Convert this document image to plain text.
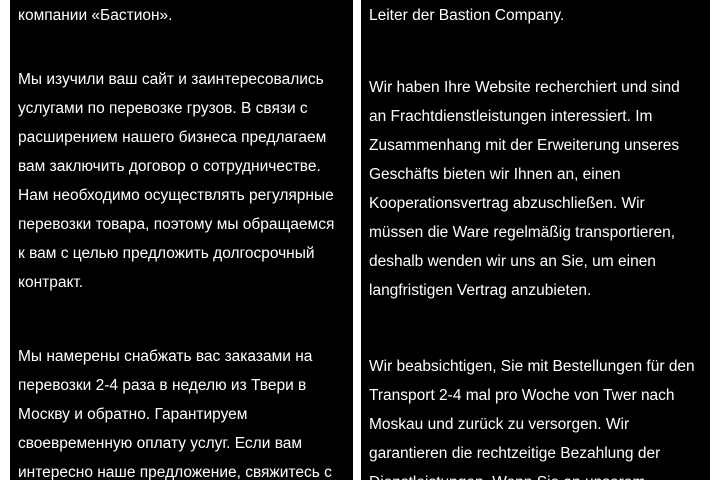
компании «Бастион».

Мы изучили ваш сайт и заинтересовались
услугами по перевозке грузов. В связи с
расширением нашего бизнеса предлагаем
вам заключить договор о сотрудничестве.
Нам необходимо осуществлять регулярные
перевозки товара, поэтому мы обращаемся
к вам с целью предложить долгосрочный
контракт.

Мы намерены снабжать вас заказами на
перевозки 2-4 раза в неделю из Твери в
Москву и обратно. Гарантируем
своевременную оплату услуг. Если вам
интересно наше предложение, свяжитесь с

Leiter der Bastion Company.

Wir haben Ihre Website recherchiert und sind
an Frachtdienstleistungen interessiert. Im
Zusammenhang mit der Erweiterung unseres
Geschäfts bieten wir Ihnen an, einen
Kooperationsvertrag abzuschließen. Wir
müssen die Ware regelmäßig transportieren,
deshalb wenden wir uns an Sie, um einen
langfristigen Vertrag anzubieten.

Wir beabsichtigen, Sie mit Bestellungen für den
Transport 2-4 mal pro Woche von Twer nach
Moskau und zurück zu versorgen. Wir
garantieren die rechtzeitige Bezahlung der
Dienstleistungen. Wenn Sie an unserem
